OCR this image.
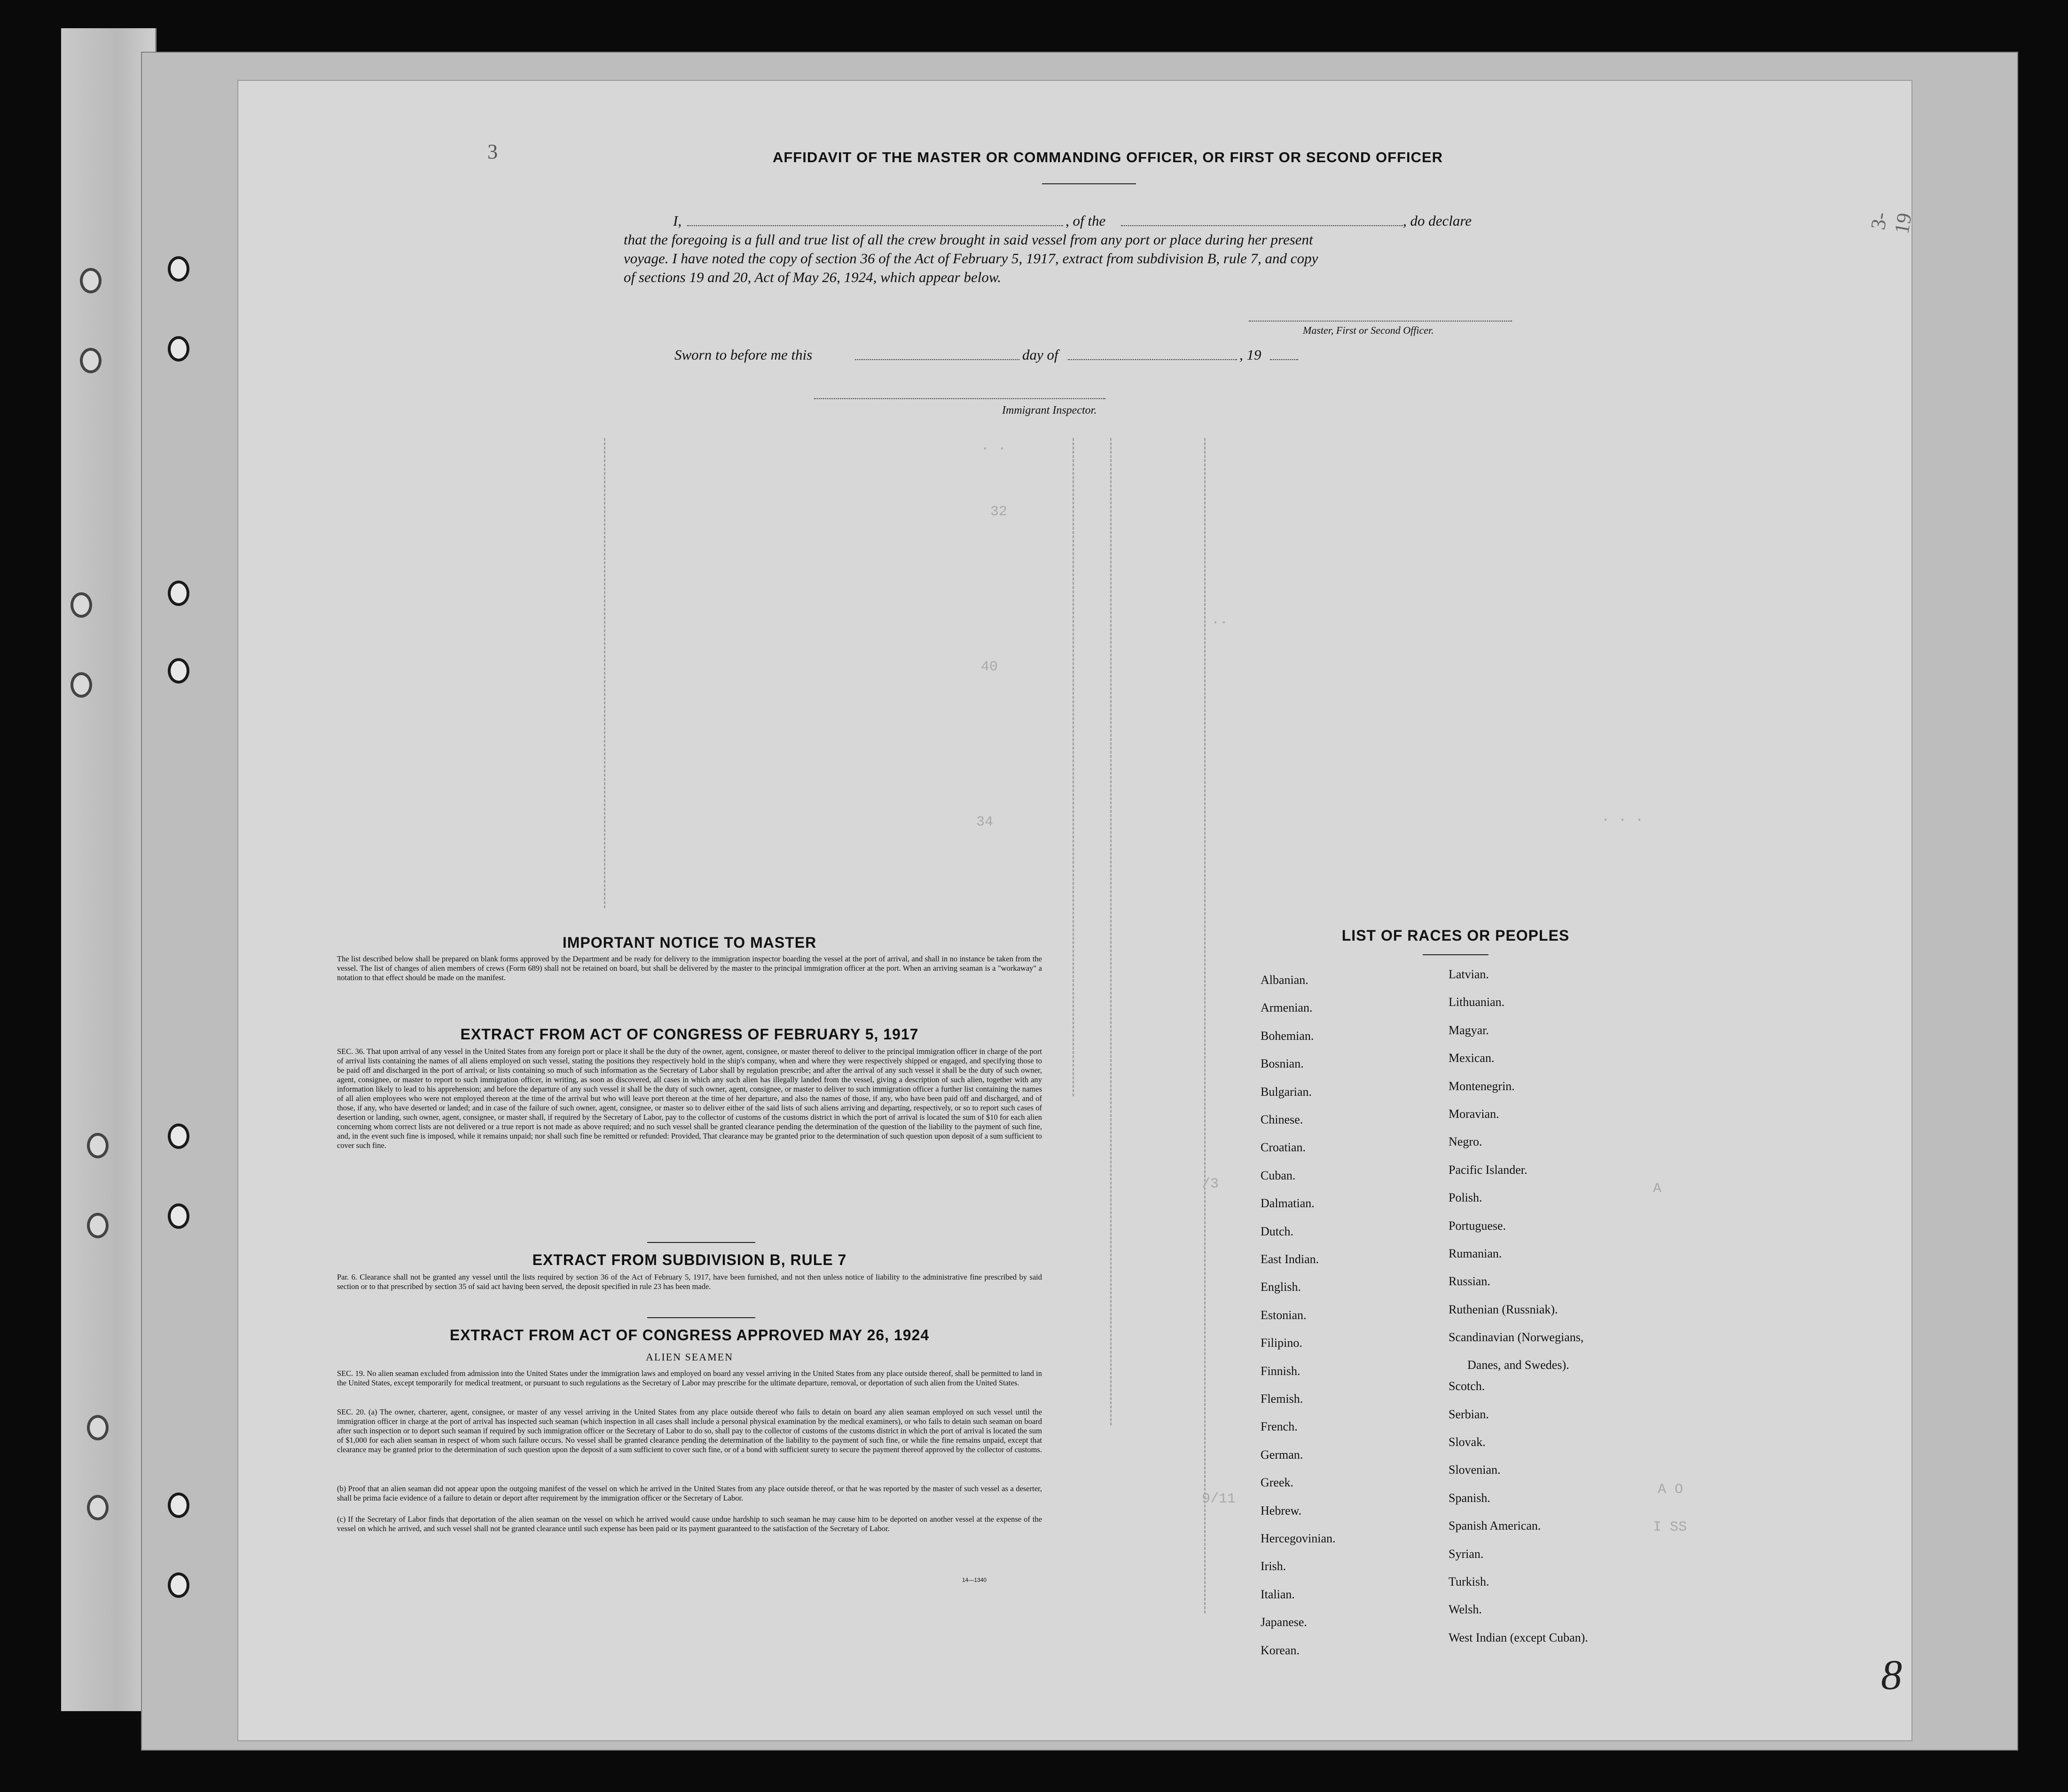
3
3-19
8
AFFIDAVIT OF THE MASTER OR COMMANDING OFFICER, OR FIRST OR SECOND OFFICER
I,	, of the	, do declare
that the foregoing is a full and true list of all the crew brought in said vessel from any port or place during her present
voyage. I have noted the copy of section 36 of the Act of February 5, 1917, extract from subdivision B, rule 7, and copy
of sections 19 and 20, Act of May 26, 1924, which appear below.
Master, First or Second Officer.
Sworn to before me this	day of	, 19
Immigrant Inspector.
IMPORTANT NOTICE TO MASTER

The list described below shall be prepared on blank forms approved by the Department and be ready for delivery to the immigration inspector boarding the vessel at the port of arrival, and shall in no instance be taken from the vessel. The list of changes of alien members of crews (Form 689) shall not be retained on board, but shall be delivered by the master to the principal immigration officer at the port. When an arriving seaman is a "workaway" a notation to that effect should be made on the manifest.

EXTRACT FROM ACT OF CONGRESS OF FEBRUARY 5, 1917

SEC. 36. That upon arrival of any vessel in the United States from any foreign port or place it shall be the duty of the owner, agent, consignee, or master thereof to deliver to the principal immigration officer in charge of the port of arrival lists containing the names of all aliens employed on such vessel, stating the positions they respectively hold in the ship's company, when and where they were respectively shipped or engaged, and specifying those to be paid off and discharged in the port of arrival; or lists containing so much of such information as the Secretary of Labor shall by regulation prescribe; and after the arrival of any such vessel it shall be the duty of such owner, agent, consignee, or master to report to such immigration officer, in writing, as soon as discovered, all cases in which any such alien has illegally landed from the vessel, giving a description of such alien, together with any information likely to lead to his apprehension; and before the departure of any such vessel it shall be the duty of such owner, agent, consignee, or master to deliver to such immigration officer a further list containing the names of all alien employees who were not employed thereon at the time of the arrival but who will leave port thereon at the time of her departure, and also the names of those, if any, who have been paid off and discharged, and of those, if any, who have deserted or landed; and in case of the failure of such owner, agent, consignee, or master so to deliver either of the said lists of such aliens arriving and departing, respectively, or so to report such cases of desertion or landing, such owner, agent, consignee, or master shall, if required by the Secretary of Labor, pay to the collector of customs of the customs district in which the port of arrival is located the sum of $10 for each alien concerning whom correct lists are not delivered or a true report is not made as above required; and no such vessel shall be granted clearance pending the determination of the question of the liability to the payment of such fine, and, in the event such fine is imposed, while it remains unpaid; nor shall such fine be remitted or refunded: Provided, That clearance may be granted prior to the determination of such question upon deposit of a sum sufficient to cover such fine.

EXTRACT FROM SUBDIVISION B, RULE 7

Par. 6. Clearance shall not be granted any vessel until the lists required by section 36 of the Act of February 5, 1917, have been furnished, and not then unless notice of liability to the administrative fine prescribed by said section or to that prescribed by section 35 of said act having been served, the deposit specified in rule 23 has been made.

EXTRACT FROM ACT OF CONGRESS APPROVED MAY 26, 1924
ALIEN SEAMEN

SEC. 19. No alien seaman excluded from admission into the United States under the immigration laws and employed on board any vessel arriving in the United States from any place outside thereof, shall be permitted to land in the United States, except temporarily for medical treatment, or pursuant to such regulations as the Secretary of Labor may prescribe for the ultimate departure, removal, or deportation of such alien from the United States.

SEC. 20. (a) The owner, charterer, agent, consignee, or master of any vessel arriving in the United States from any place outside thereof who fails to detain on board any alien seaman employed on such vessel until the immigration officer in charge at the port of arrival has inspected such seaman (which inspection in all cases shall include a personal physical examination by the medical examiners), or who fails to detain such seaman on board after such inspection or to deport such seaman if required by such immigration officer or the Secretary of Labor to do so, shall pay to the collector of customs of the customs district in which the port of arrival is located the sum of $1,000 for each alien seaman in respect of whom such failure occurs. No vessel shall be granted clearance pending the determination of the liability to the payment of such fine, or while the fine remains unpaid, except that clearance may be granted prior to the determination of such question upon the deposit of a sum sufficient to cover such fine, or of a bond with sufficient surety to secure the payment thereof approved by the collector of customs.

(b) Proof that an alien seaman did not appear upon the outgoing manifest of the vessel on which he arrived in the United States from any place outside thereof, or that he was reported by the master of such vessel as a deserter, shall be prima facie evidence of a failure to detain or deport after requirement by the immigration officer or the Secretary of Labor.

(c) If the Secretary of Labor finds that deportation of the alien seaman on the vessel on which he arrived would cause undue hardship to such seaman he may cause him to be deported on another vessel at the expense of the vessel on which he arrived, and such vessel shall not be granted clearance until such expense has been paid or its payment guaranteed to the satisfaction of the Secretary of Labor.

14—1340
LIST OF RACES OR PEOPLES
Danes, and Swedes).
. .
32
40
34
..
/3
9/11
. . .
A
A O
I SS
Albanian.
Armenian.
Bohemian.
Bosnian.
Bulgarian.
Chinese.
Croatian.
Cuban.
Dalmatian.
Dutch.
East Indian.
English.
Estonian.
Filipino.
Finnish.
Flemish.
French.
German.
Greek.
Hebrew.
Hercegovinian.
Irish.
Italian.
Japanese.
Korean.
Latvian.
Lithuanian.
Magyar.
Mexican.
Montenegrin.
Moravian.
Negro.
Pacific Islander.
Polish.
Portuguese.
Rumanian.
Russian.
Ruthenian (Russniak).
Scandinavian (Norwegians,
Scotch.
Serbian.
Slovak.
Slovenian.
Spanish.
Spanish American.
Syrian.
Turkish.
Welsh.
West Indian (except Cuban).
